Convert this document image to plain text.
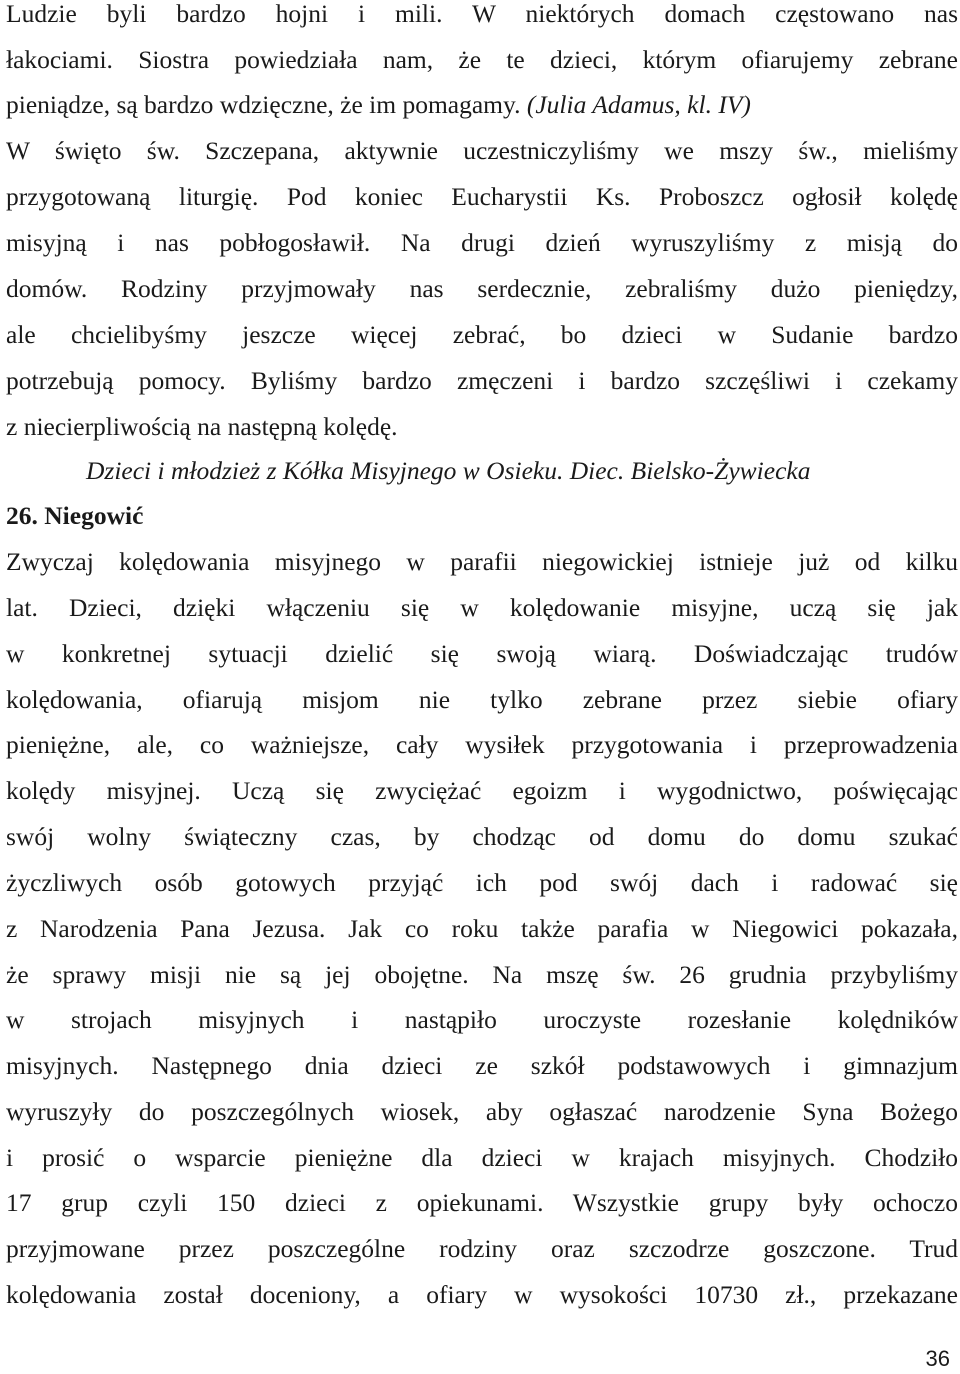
Ludzie byli bardzo hojni i mili. W niektórych domach częstowano nas
łakociami. Siostra powiedziała nam, że te dzieci, którym ofiarujemy zebrane
pieniądze, są bardzo wdzięczne, że im pomagamy. (Julia Adamus, kl. IV)
W święto św. Szczepana, aktywnie uczestniczyliśmy we mszy św., mieliśmy
przygotowaną liturgię. Pod koniec Eucharystii Ks. Proboszcz ogłosił kolędę
misyjną i nas pobłogosławił. Na drugi dzień wyruszyliśmy z misją do
domów. Rodziny przyjmowały nas serdecznie, zebraliśmy dużo pieniędzy,
ale chcielibyśmy jeszcze więcej zebrać, bo dzieci w Sudanie bardzo
potrzebują pomocy. Byliśmy bardzo zmęczeni i bardzo szczęśliwi i czekamy
z niecierpliwością na następną kolędę.
Dzieci i młodzież z Kółka Misyjnego w Osieku. Diec. Bielsko-Żywiecka
26. Niegowić
Zwyczaj kolędowania misyjnego w parafii niegowickiej istnieje już od kilku
lat. Dzieci, dzięki włączeniu się w kolędowanie misyjne, uczą się jak
w konkretnej sytuacji dzielić się swoją wiarą. Doświadczając trudów
kolędowania, ofiarują misjom nie tylko zebrane przez siebie ofiary
pieniężne, ale, co ważniejsze, cały wysiłek przygotowania i przeprowadzenia
kolędy misyjnej. Uczą się zwyciężać egoizm i wygodnictwo, poświęcając
swój wolny świąteczny czas, by chodząc od domu do domu szukać
życzliwych osób gotowych przyjąć ich pod swój dach i radować się
z Narodzenia Pana Jezusa. Jak co roku także parafia w Niegowici pokazała,
że sprawy misji nie są jej obojętne. Na mszę św. 26 grudnia przybyliśmy
w strojach misyjnych i nastąpiło uroczyste rozesłanie kolędników
misyjnych. Następnego dnia dzieci ze szkół podstawowych i gimnazjum
wyruszyły do poszczególnych wiosek, aby ogłaszać narodzenie Syna Bożego
i prosić o wsparcie pieniężne dla dzieci w krajach misyjnych. Chodziło
17 grup czyli 150 dzieci z opiekunami. Wszystkie grupy były ochoczo
przyjmowane przez poszczególne rodziny oraz szczodrze goszczone. Trud
kolędowania został doceniony, a ofiary w wysokości 10730 zł., przekazane
36
